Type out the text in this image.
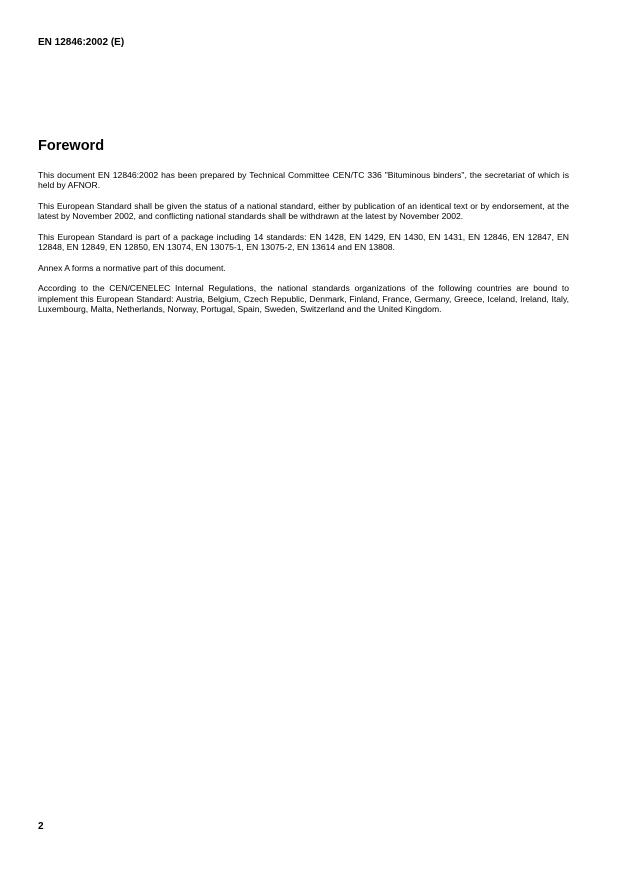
EN 12846:2002 (E)
Foreword

This document EN 12846:2002 has been prepared by Technical Committee CEN/TC 336 "Bituminous binders", the secretariat of which is held by AFNOR.

This European Standard shall be given the status of a national standard, either by publication of an identical text or by endorsement, at the latest by November 2002, and conflicting national standards shall be withdrawn at the latest by November 2002.

This European Standard is part of a package including 14 standards: EN 1428, EN 1429, EN 1430, EN 1431, EN 12846, EN 12847, EN 12848, EN 12849, EN 12850, EN 13074, EN 13075-1, EN 13075-2, EN 13614 and EN 13808.

Annex A forms a normative part of this document.

According to the CEN/CENELEC Internal Regulations, the national standards organizations of the following countries are bound to implement this European Standard: Austria, Belgium, Czech Republic, Denmark, Finland, France, Germany, Greece, Iceland, Ireland, Italy, Luxembourg, Malta, Netherlands, Norway, Portugal, Spain, Sweden, Switzerland and the United Kingdom.

2
